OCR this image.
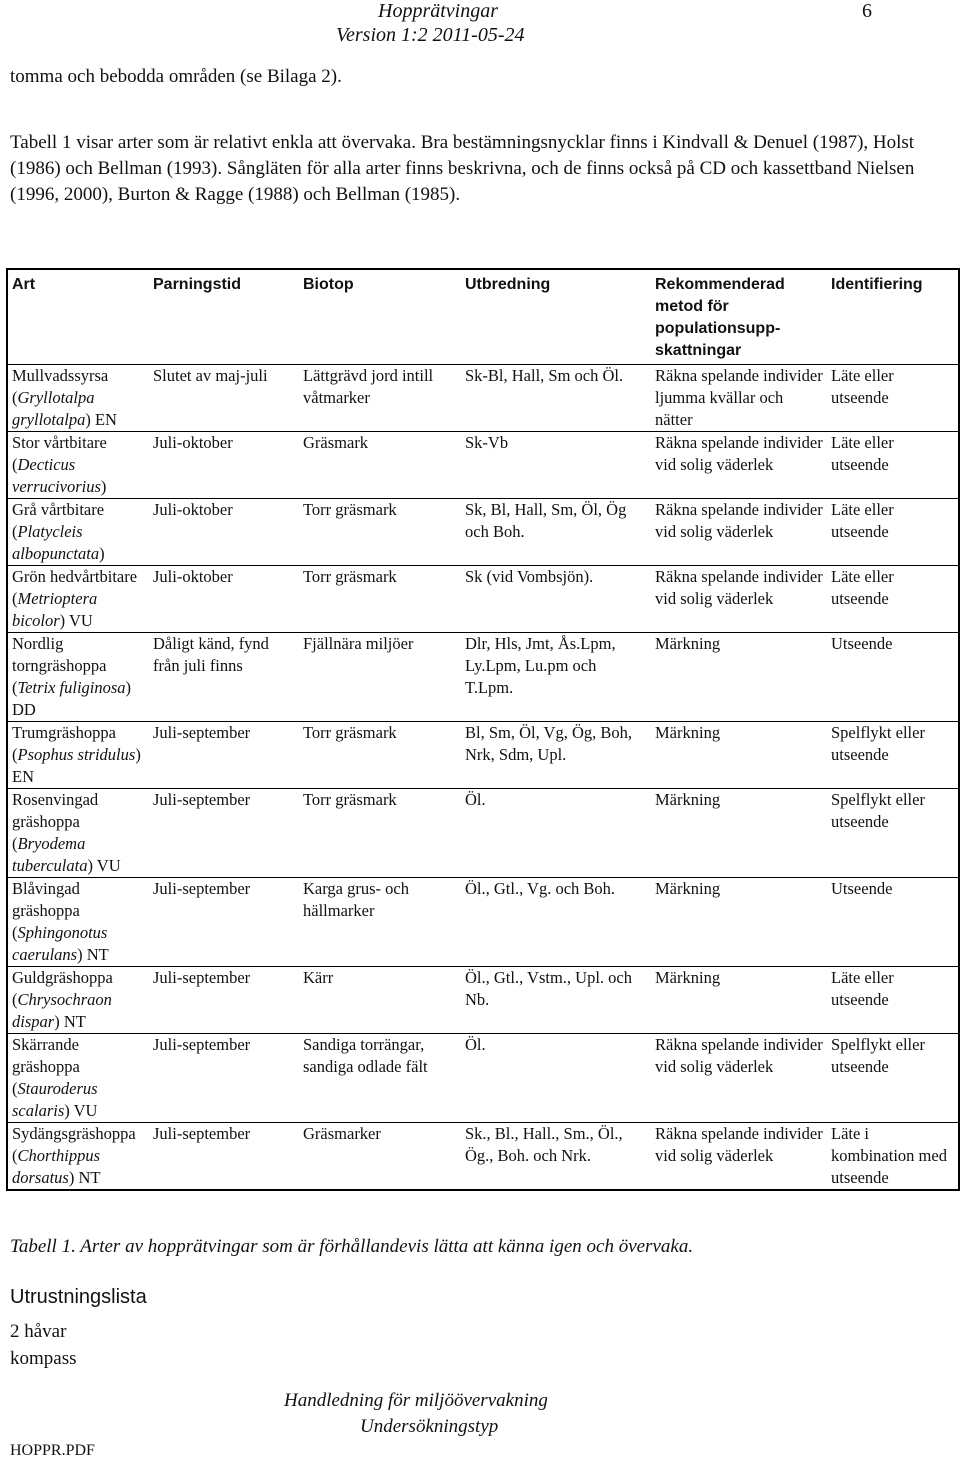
Hopprätvingar
Version 1:2 2011-05-24
6
tomma och bebodda områden (se Bilaga 2).
Tabell 1 visar arter som är relativt enkla att övervaka. Bra bestämningsnycklar finns i Kindvall & Denuel (1987), Holst (1986) och Bellman (1993). Sångläten för alla arter finns beskrivna, och de finns också på CD och kassettband Nielsen (1996, 2000), Burton & Ragge (1988) och Bellman (1985).
Art	Parningstid	Biotop	Utbredning	Rekommenderad metod för populationsupp-skattningar	Identifiering
Mullvadssyrsa (Gryllotalpa gryllotalpa) EN	Slutet av maj-juli	Lättgrävd jord intill våtmarker	Sk-Bl, Hall, Sm och Öl.	Räkna spelande individer ljumma kvällar och nätter	Läte eller utseende
Stor vårtbitare (Decticus verrucivorius)	Juli-oktober	Gräsmark	Sk-Vb	Räkna spelande individer vid solig väderlek	Läte eller utseende
Grå vårtbitare (Platycleis albopunctata)	Juli-oktober	Torr gräsmark	Sk, Bl, Hall, Sm, Öl, Ög och Boh.	Räkna spelande individer vid solig väderlek	Läte eller utseende
Grön hedvårtbitare (Metrioptera bicolor) VU	Juli-oktober	Torr gräsmark	Sk (vid Vombsjön).	Räkna spelande individer vid solig väderlek	Läte eller utseende
Nordlig torngräshoppa (Tetrix fuliginosa) DD	Dåligt känd, fynd från juli finns	Fjällnära miljöer	Dlr, Hls, Jmt, Ås.Lpm, Ly.Lpm, Lu.pm och T.Lpm.	Märkning	Utseende
Trumgräshoppa (Psophus stridulus) EN	Juli-september	Torr gräsmark	Bl, Sm, Öl, Vg, Ög, Boh, Nrk, Sdm, Upl.	Märkning	Spelflykt eller utseende
Rosenvingad gräshoppa (Bryodema tuberculata) VU	Juli-september	Torr gräsmark	Öl.	Märkning	Spelflykt eller utseende
Blåvingad gräshoppa (Sphingonotus caerulans) NT	Juli-september	Karga grus- och hällmarker	Öl., Gtl., Vg. och Boh.	Märkning	Utseende
Guldgräshoppa (Chrysochraon dispar) NT	Juli-september	Kärr	Öl., Gtl., Vstm., Upl. och Nb.	Märkning	Läte eller utseende
Skärrande gräshoppa (Stauroderus scalaris) VU	Juli-september	Sandiga torrängar, sandiga odlade fält	Öl.	Räkna spelande individer vid solig väderlek	Spelflykt eller utseende
Sydängsgräshoppa (Chorthippus dorsatus) NT	Juli-september	Gräsmarker	Sk., Bl., Hall., Sm., Öl., Ög., Boh. och Nrk.	Räkna spelande individer vid solig väderlek	Läte i kombination med utseende
Tabell 1. Arter av hopprätvingar som är förhållandevis lätta att känna igen och övervaka.
Utrustningslista
2 håvar
kompass
Handledning för miljöövervakning
Undersökningstyp
HOPPR.PDF
